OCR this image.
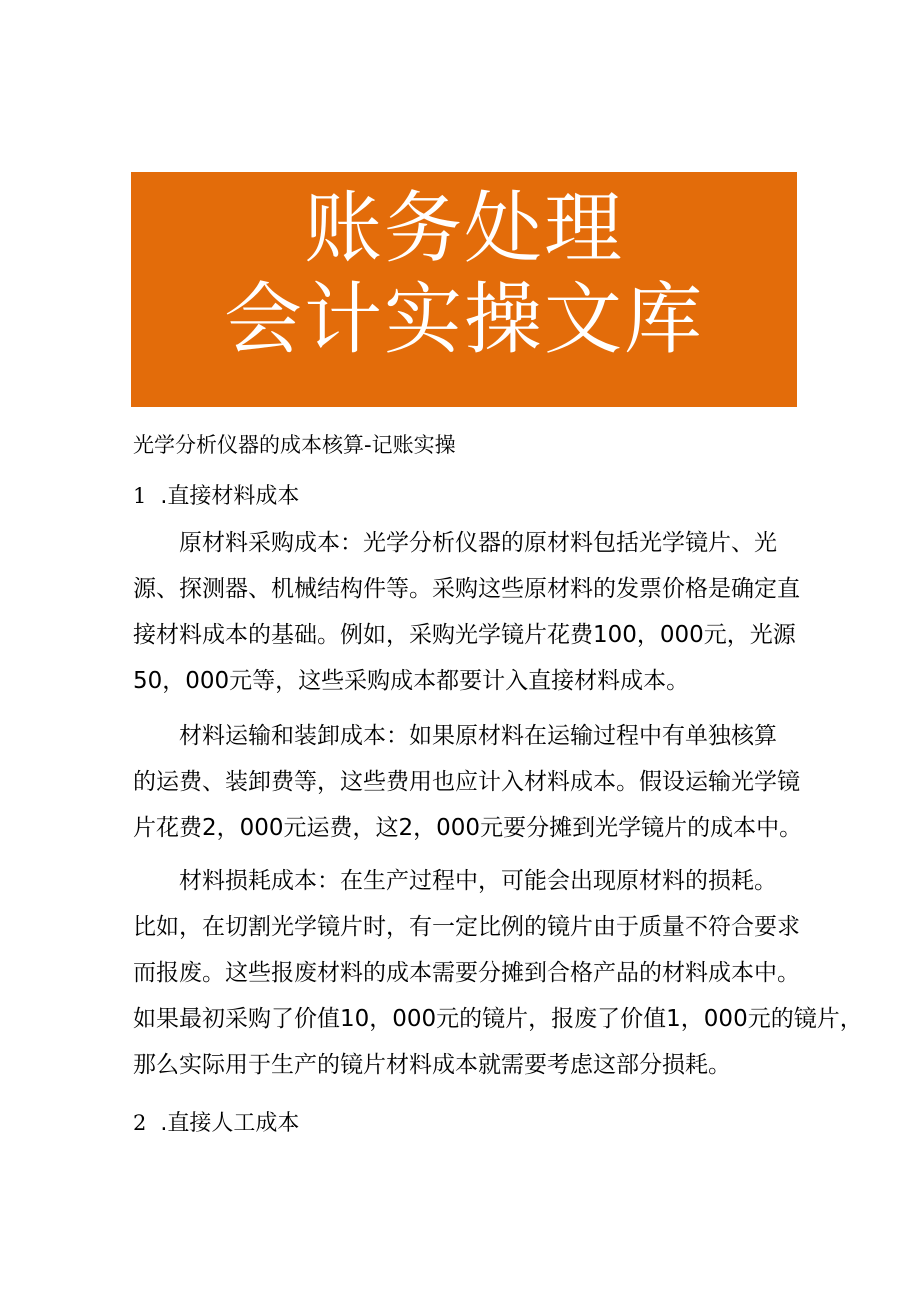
账务处理
会计实操文库
光学分析仪器的成本核算-记账实操
1 .直接材料成本
原材料采购成本：光学分析仪器的原材料包括光学镜片、光
源、探测器、机械结构件等。采购这些原材料的发票价格是确定直
接材料成本的基础。例如，采购光学镜片花费100，000元，光源
50，000元等，这些采购成本都要计入直接材料成本。
材料运输和装卸成本：如果原材料在运输过程中有单独核算
的运费、装卸费等，这些费用也应计入材料成本。假设运输光学镜
片花费2，000元运费，这2，000元要分摊到光学镜片的成本中。
材料损耗成本：在生产过程中，可能会出现原材料的损耗。
比如，在切割光学镜片时，有一定比例的镜片由于质量不符合要求
而报废。这些报废材料的成本需要分摊到合格产品的材料成本中。
如果最初采购了价值10，000元的镜片，报废了价值1，000元的镜片，
那么实际用于生产的镜片材料成本就需要考虑这部分损耗。
2 .直接人工成本
